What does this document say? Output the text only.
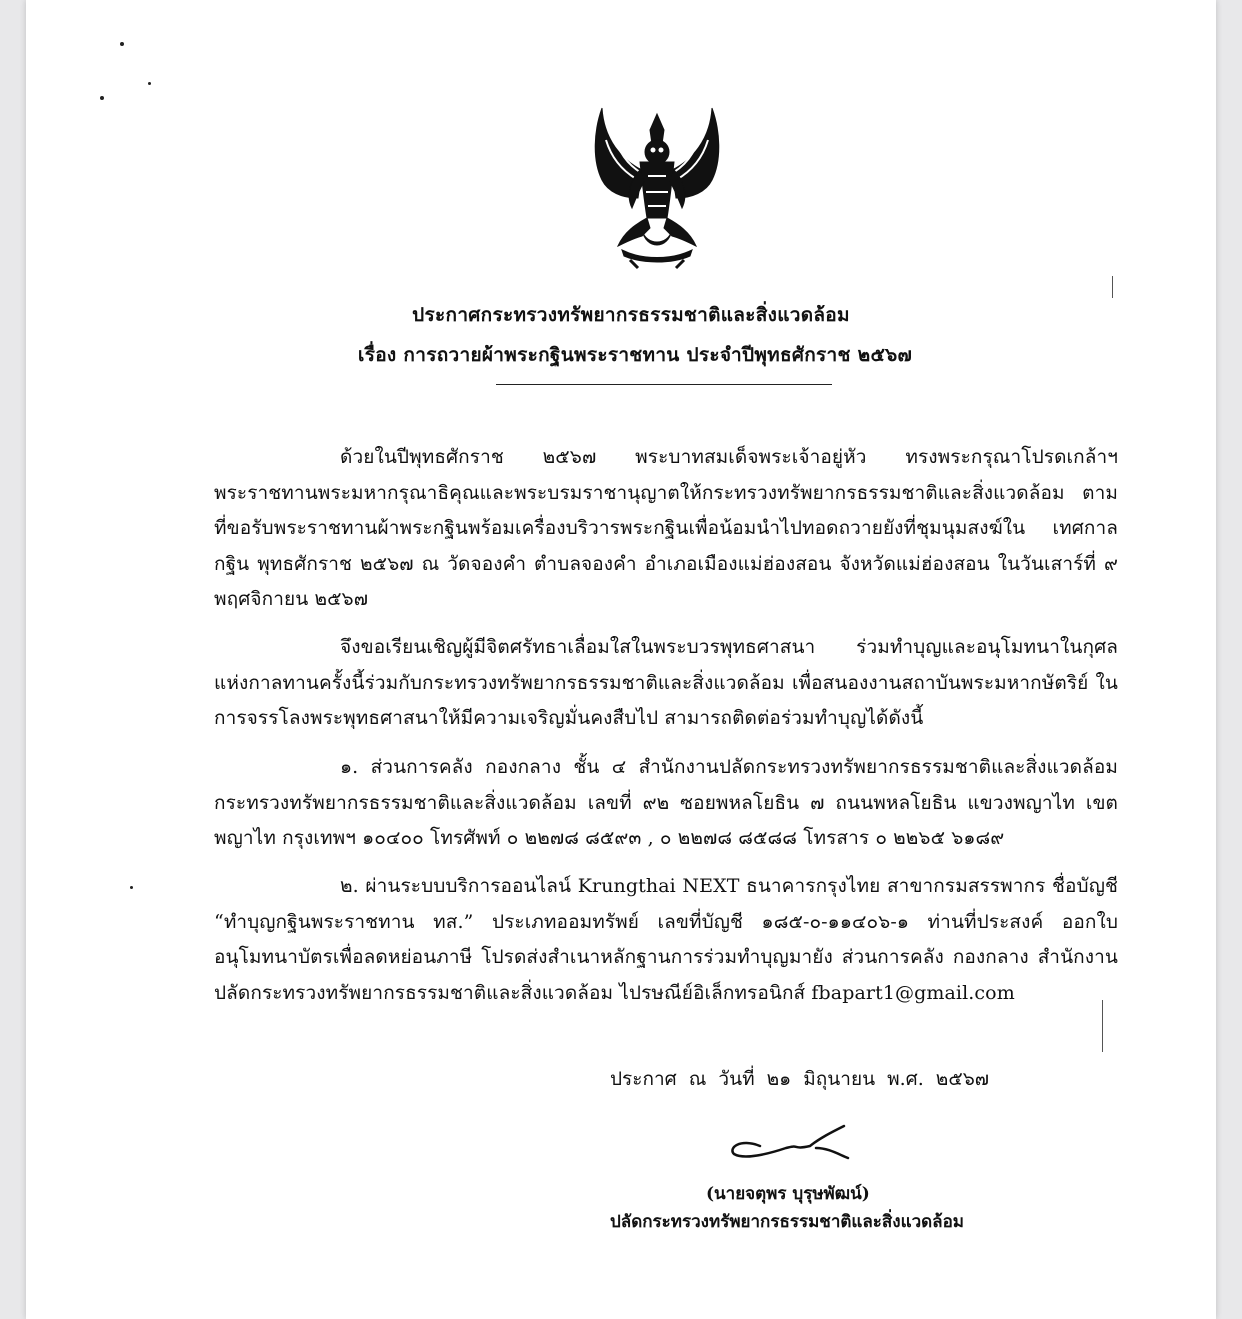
ประกาศกระทรวงทรัพยากรธรรมชาติและสิ่งแวดล้อม
เรื่อง การถวายผ้าพระกฐินพระราชทาน ประจำปีพุทธศักราช ๒๕๖๗
ด้วยในปีพุทธศักราช ๒๕๖๗ พระบาทสมเด็จพระเจ้าอยู่หัว ทรงพระกรุณาโปรดเกล้าฯ พระราชทานพระมหากรุณาธิคุณและพระบรมราชานุญาตให้กระทรวงทรัพยากรธรรมชาติและสิ่งแวดล้อม ตามที่ขอรับพระราชทานผ้าพระกฐินพร้อมเครื่องบริวารพระกฐินเพื่อน้อมนำไปทอดถวายยังที่ชุมนุมสงฆ์ใน เทศกาลกฐิน พุทธศักราช ๒๕๖๗ ณ วัดจองคำ ตำบลจองคำ อำเภอเมืองแม่ฮ่องสอน จังหวัดแม่ฮ่องสอน ในวันเสาร์ที่ ๙ พฤศจิกายน ๒๕๖๗
จึงขอเรียนเชิญผู้มีจิตศรัทธาเลื่อมใสในพระบวรพุทธศาสนา ร่วมทำบุญและอนุโมทนาในกุศล แห่งกาลทานครั้งนี้ร่วมกับกระทรวงทรัพยากรธรรมชาติและสิ่งแวดล้อม เพื่อสนองงานสถาบันพระมหากษัตริย์ ในการจรรโลงพระพุทธศาสนาให้มีความเจริญมั่นคงสืบไป สามารถติดต่อร่วมทำบุญได้ดังนี้
๑. ส่วนการคลัง กองกลาง ชั้น ๔ สำนักงานปลัดกระทรวงทรัพยากรธรรมชาติและสิ่งแวดล้อม กระทรวงทรัพยากรธรรมชาติและสิ่งแวดล้อม เลขที่ ๙๒ ซอยพหลโยธิน ๗ ถนนพหลโยธิน แขวงพญาไท เขตพญาไท กรุงเทพฯ ๑๐๔๐๐ โทรศัพท์ ๐ ๒๒๗๘ ๘๕๙๓ , ๐ ๒๒๗๘ ๘๕๘๘ โทรสาร ๐ ๒๒๖๕ ๖๑๘๙
๒. ผ่านระบบบริการออนไลน์ Krungthai NEXT ธนาคารกรุงไทย สาขากรมสรรพากร ชื่อบัญชี “ทำบุญกฐินพระราชทาน ทส.” ประเภทออมทรัพย์ เลขที่บัญชี ๑๘๕-๐-๑๑๔๐๖-๑ ท่านที่ประสงค์ ออกใบอนุโมทนาบัตรเพื่อลดหย่อนภาษี โปรดส่งสำเนาหลักฐานการร่วมทำบุญมายัง ส่วนการคลัง กองกลาง สำนักงานปลัดกระทรวงทรัพยากรธรรมชาติและสิ่งแวดล้อม ไปรษณีย์อิเล็กทรอนิกส์ fbapart1@gmail.com
ประกาศ ณ วันที่ ๒๑ มิถุนายน พ.ศ. ๒๕๖๗
(นายจตุพร บุรุษพัฒน์)
ปลัดกระทรวงทรัพยากรธรรมชาติและสิ่งแวดล้อม
